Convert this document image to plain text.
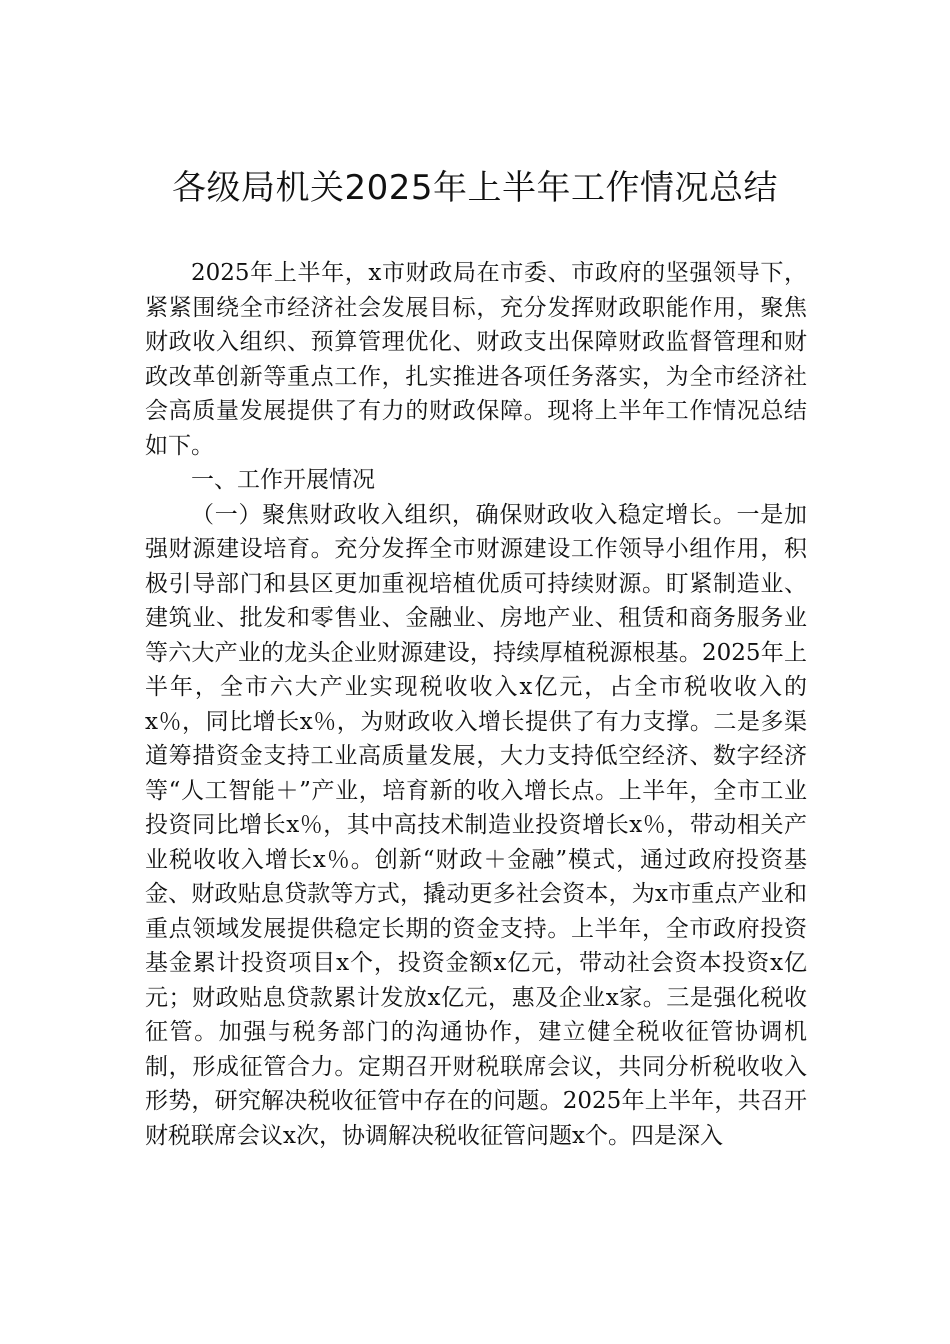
各级局机关2025年上半年工作情况总结

2025年上半年，x市财政局在市委、市政府的坚强领导下，紧紧围绕全市经济社会发展目标，充分发挥财政职能作用，聚焦财政收入组织、预算管理优化、财政支出保障财政监督管理和财政改革创新等重点工作，扎实推进各项任务落实，为全市经济社会高质量发展提供了有力的财政保障。现将上半年工作情况总结如下。

一、工作开展情况

（一）聚焦财政收入组织，确保财政收入稳定增长。一是加强财源建设培育。充分发挥全市财源建设工作领导小组作用，积极引导部门和县区更加重视培植优质可持续财源。盯紧制造业、建筑业、批发和零售业、金融业、房地产业、租赁和商务服务业等六大产业的龙头企业财源建设，持续厚植税源根基。2025年上半年，全市六大产业实现税收收入x亿元，占全市税收收入的x％，同比增长x％，为财政收入增长提供了有力支撑。二是多渠道筹措资金支持工业高质量发展，大力支持低空经济、数字经济等“人工智能＋”产业，培育新的收入增长点。上半年，全市工业投资同比增长x％，其中高技术制造业投资增长x％，带动相关产业税收收入增长x％。创新“财政＋金融”模式，通过政府投资基金、财政贴息贷款等方式，撬动更多社会资本，为x市重点产业和重点领域发展提供稳定长期的资金支持。上半年，全市政府投资基金累计投资项目x个，投资金额x亿元，带动社会资本投资x亿元；财政贴息贷款累计发放x亿元，惠及企业x家。三是强化税收征管。加强与税务部门的沟通协作，建立健全税收征管协调机制，形成征管合力。定期召开财税联席会议，共同分析税收收入形势，研究解决税收征管中存在的问题。2025年上半年，共召开财税联席会议x次，协调解决税收征管问题x个。四是深入
